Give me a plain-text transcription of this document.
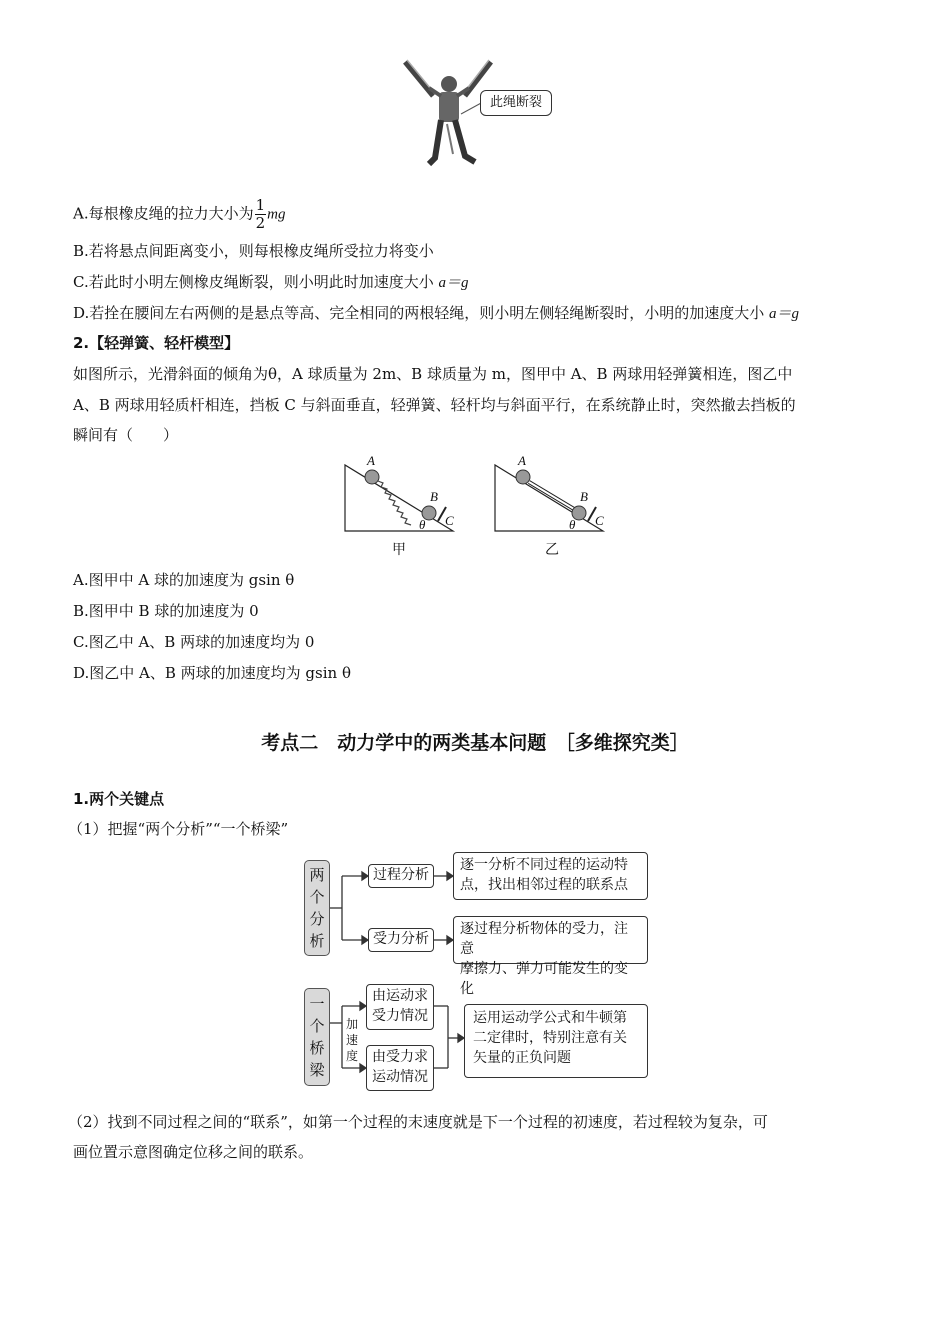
此绳断裂
A.每根橡皮绳的拉力大小为 $\frac{1}{2}$ mg
B.若将悬点间距离变小，则每根橡皮绳所受拉力将变小
C.若此时小明左侧橡皮绳断裂，则小明此时加速度大小 a＝g
D.若拴在腰间左右两侧的是悬点等高、完全相同的两根轻绳，则小明左侧轻绳断裂时，小明的加速度大小 a＝g
2.【轻弹簧、轻杆模型】
如图所示，光滑斜面的倾角为θ，A 球质量为 2m、B 球质量为 m，图甲中 A、B 两球用轻弹簧相连，图乙中
A、B 两球用轻质杆相连，挡板 C 与斜面垂直，轻弹簧、轻杆均与斜面平行，在系统静止时，突然撤去挡板的
瞬间有（　　）
A
B
C
θ
A
B
C
θ
甲	乙
A.图甲中 A 球的加速度为 gsin θ
B.图甲中 B 球的加速度为 0
C.图乙中 A、B 两球的加速度均为 0
D.图乙中 A、B 两球的加速度均为 gsin θ
考点二　动力学中的两类基本问题　［多维探究类］
1.两个关键点
（1）把握“两个分析”“一个桥梁”
两
个
分
析
过程分析
逐一分析不同过程的运动特
点，找出相邻过程的联系点
受力分析
逐过程分析物体的受力，注意
摩擦力、弹力可能发生的变化
一
个
桥
梁
加
速
度
由运动求
受力情况
由受力求
运动情况
运用运动学公式和牛顿第
二定律时，特别注意有关
矢量的正负问题
（2）找到不同过程之间的“联系”，如第一个过程的末速度就是下一个过程的初速度，若过程较为复杂，可
画位置示意图确定位移之间的联系。
